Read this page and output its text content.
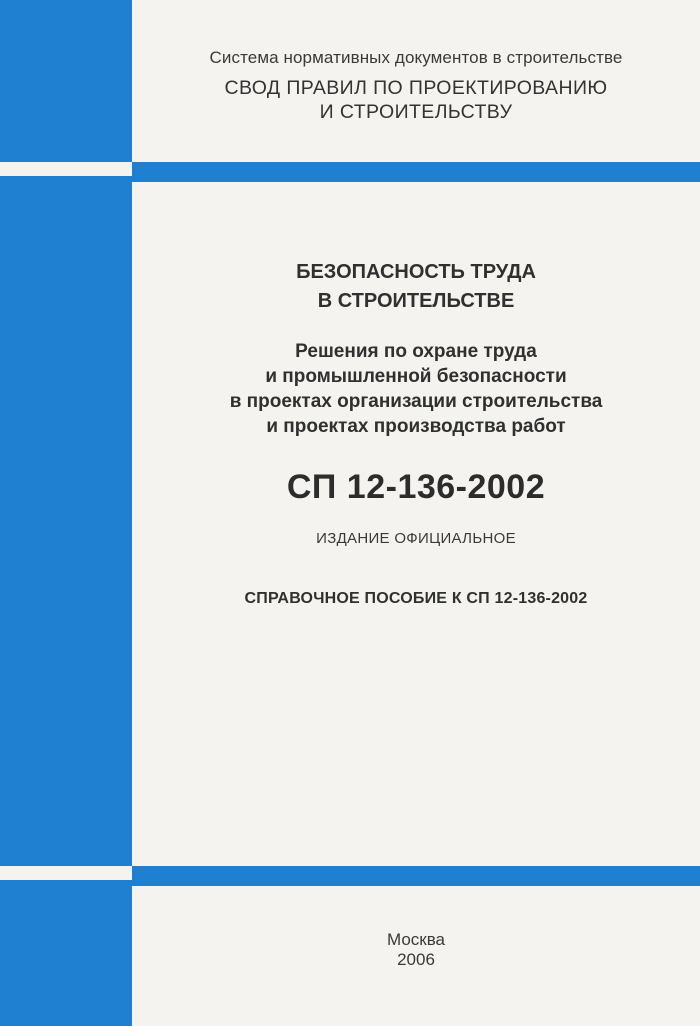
Система нормативных документов в строительстве

СВОД ПРАВИЛ ПО ПРОЕКТИРОВАНИЮ
И СТРОИТЕЛЬСТВУ

БЕЗОПАСНОСТЬ ТРУДА
В СТРОИТЕЛЬСТВЕ
Решения по охране труда
и промышленной безопасности
в проектах организации строительства
и проектах производства работ

СП 12-136-2002

ИЗДАНИЕ ОФИЦИАЛЬНОЕ

СПРАВОЧНОЕ ПОСОБИЕ К СП 12-136-2002

Москва
2006
